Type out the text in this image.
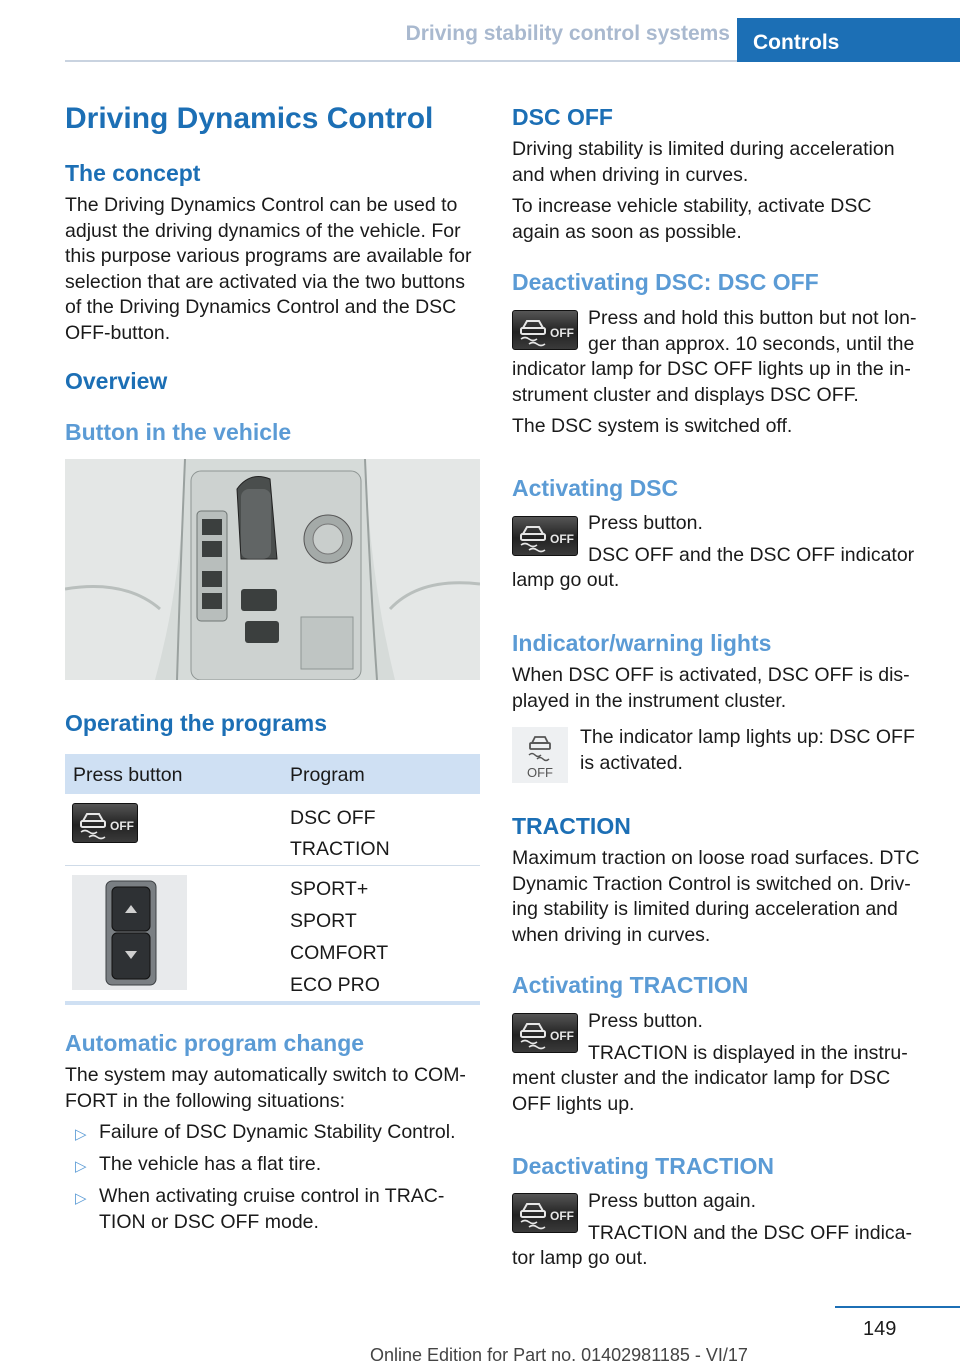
Driving stability control systems Controls
Driving Dynamics Control
The concept
The Driving Dynamics Control can be used to
adjust the driving dynamics of the vehicle. For
this purpose various programs are available for
selection that are activated via the two buttons
of the Driving Dynamics Control and the DSC
OFF-button.
Overview
Button in the vehicle
Operating the programs
Press button	Program
OFF	DSC OFF
TRACTION
SPORT+
SPORT
COMFORT
ECO PRO
Automatic program change
The system may automatically switch to COM-
FORT in the following situations:
▷ Failure of DSC Dynamic Stability Control.
▷ The vehicle has a flat tire.
▷ When activating cruise control in TRAC-
TION or DSC OFF mode.
DSC OFF
Driving stability is limited during acceleration
and when driving in curves.
To increase vehicle stability, activate DSC
again as soon as possible.
Deactivating DSC: DSC OFF
OFF
Press and hold this button but not lon-
ger than approx. 10 seconds, until the
indicator lamp for DSC OFF lights up in the in-
strument cluster and displays DSC OFF.
The DSC system is switched off.
Activating DSC
OFF
Press button.
DSC OFF and the DSC OFF indicator
lamp go out.
Indicator/warning lights
When DSC OFF is activated, DSC OFF is dis-
played in the instrument cluster.
OFF
The indicator lamp lights up: DSC OFF
is activated.
TRACTION
Maximum traction on loose road surfaces. DTC
Dynamic Traction Control is switched on. Driv-
ing stability is limited during acceleration and
when driving in curves.
Activating TRACTION
OFF
Press button.
TRACTION is displayed in the instru-
ment cluster and the indicator lamp for DSC
OFF lights up.
Deactivating TRACTION
OFF
Press button again.
TRACTION and the DSC OFF indica-
tor lamp go out.
149
Online Edition for Part no. 01402981185 - VI/17
